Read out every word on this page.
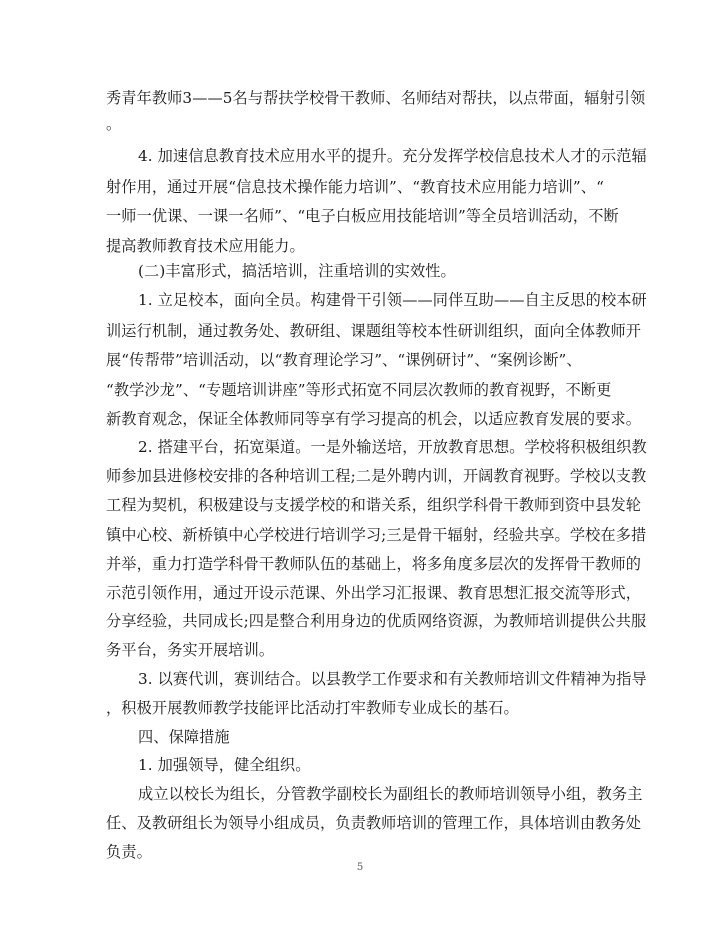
秀青年教师3——5名与帮扶学校骨干教师、名师结对帮扶，以点带面，辐射引领
。
4. 加速信息教育技术应用水平的提升。充分发挥学校信息技术人才的示范辐
射作用，通过开展“信息技术操作能力培训”、“教育技术应用能力培训”、“
一师一优课、一课一名师”、“电子白板应用技能培训”等全员培训活动，不断
提高教师教育技术应用能力。
(二)丰富形式，搞活培训，注重培训的实效性。
1. 立足校本，面向全员。构建骨干引领——同伴互助——自主反思的校本研
训运行机制，通过教务处、教研组、课题组等校本性研训组织，面向全体教师开
展“传帮带”培训活动，以“教育理论学习”、“课例研讨”、“案例诊断”、
“教学沙龙”、“专题培训讲座”等形式拓宽不同层次教师的教育视野，不断更
新教育观念，保证全体教师同等享有学习提高的机会，以适应教育发展的要求。
2. 搭建平台，拓宽渠道。一是外输送培，开放教育思想。学校将积极组织教
师参加县进修校安排的各种培训工程;二是外聘内训，开阔教育视野。学校以支教
工程为契机，积极建设与支援学校的和谐关系，组织学科骨干教师到资中县发轮
镇中心校、新桥镇中心学校进行培训学习;三是骨干辐射，经验共享。学校在多措
并举，重力打造学科骨干教师队伍的基础上，将多角度多层次的发挥骨干教师的
示范引领作用，通过开设示范课、外出学习汇报课、教育思想汇报交流等形式，
分享经验，共同成长;四是整合利用身边的优质网络资源，为教师培训提供公共服
务平台，务实开展培训。
3. 以赛代训，赛训结合。以县教学工作要求和有关教师培训文件精神为指导
，积极开展教师教学技能评比活动打牢教师专业成长的基石。
四、保障措施
1. 加强领导，健全组织。
成立以校长为组长，分管教学副校长为副组长的教师培训领导小组，教务主
任、及教研组长为领导小组成员，负责教师培训的管理工作，具体培训由教务处
负责。
5
